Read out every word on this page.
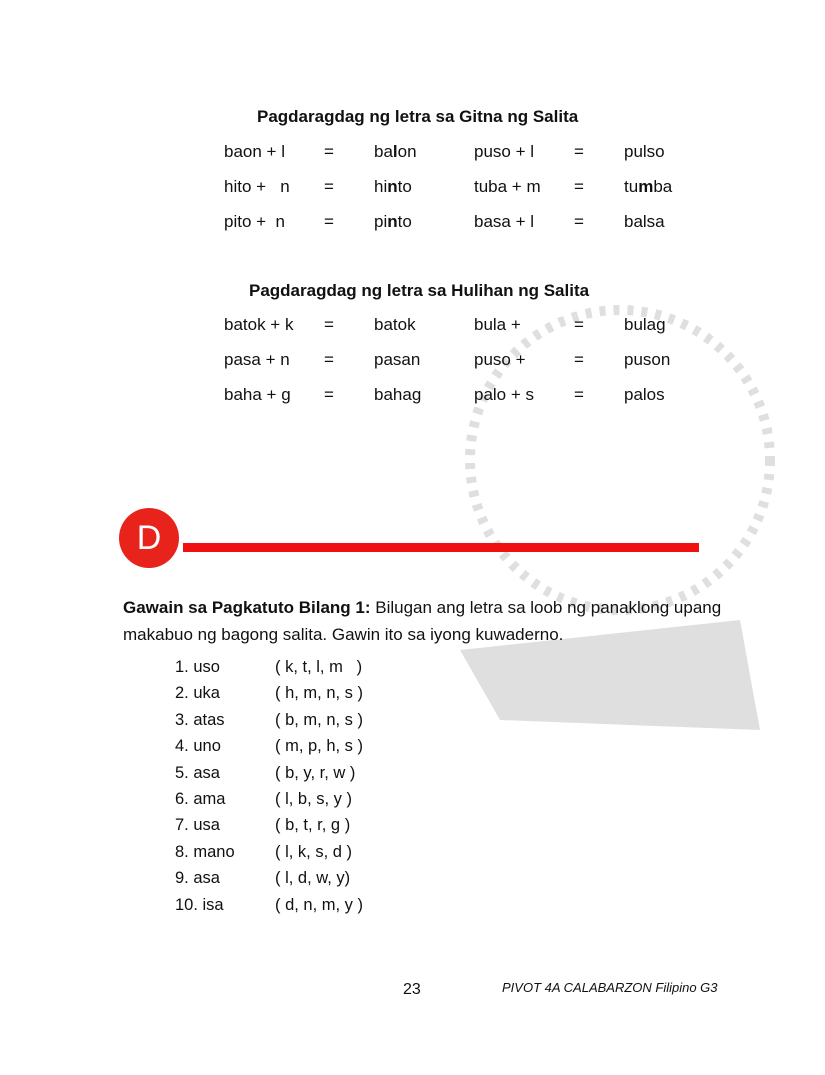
Pagdaragdag ng letra sa Gitna ng Salita
baon + l	=	balon	puso + l	=	pulso
hito +   n	=	hinto	tuba + m	=	tumba
pito +  n	=	pinto	basa + l	=	balsa
Pagdaragdag ng letra sa Hulihan ng Salita
batok + k	=	batok	bula +	=	bulag
pasa + n	=	pasan	puso +	=	puson
baha + g	=	bahag	palo + s	=	palos
D
Gawain sa Pagkatuto Bilang 1: Bilugan ang letra sa loob ng panaklong upang makabuo ng bagong salita. Gawin ito sa iyong kuwaderno.
1. uso	( k, t, l, m   )
2. uka	( h, m, n, s )
3. atas	( b, m, n, s )
4. uno	( m, p, h, s )
5. asa	( b, y, r, w )
6. ama	( l, b, s, y )
7. usa	( b, t, r, g )
8. mano	( l, k, s, d )
9. asa	( l, d, w, y)
10. isa	( d, n, m, y )
23	PIVOT 4A CALABARZON Filipino G3
